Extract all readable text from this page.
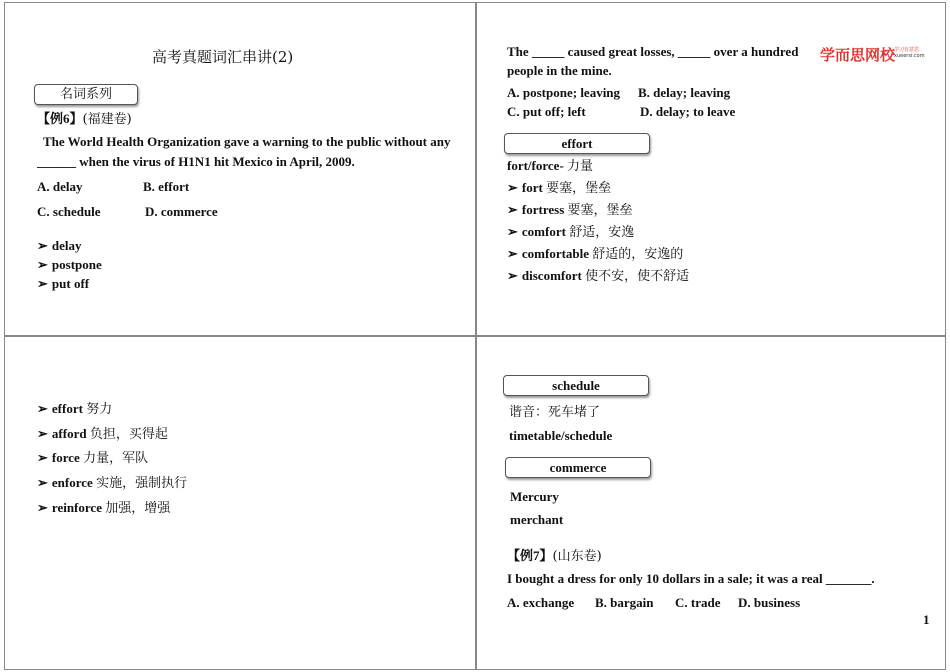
高考真题词汇串讲(2)
名词系列
【例6】(福建卷)
The World Health Organization gave a warning to the public without any
______ when the virus of H1N1 hit Mexico in April, 2009.
A. delay	B. effort
C. schedule	D. commerce
➢ delay
➢ postpone
➢ put off
The _____ caused great losses, _____ over a hundred
people in the mine.
A. postpone; leaving B. delay; leaving
C. put off; left	D. delay; to leave
effort
fort/force- 力量
➢ fort 要塞，堡垒
➢ fortress 要塞，堡垒
➢ comfort 舒适，安逸
➢ comfortable 舒适的，安逸的
➢ discomfort 使不安，使不舒适
学而思网校
学习有意思
xueersi.com
➢ effort 努力
➢ afford 负担，买得起
➢ force 力量，军队
➢ enforce 实施，强制执行
➢ reinforce 加强，增强
schedule
谐音：死车堵了
timetable/schedule
commerce
Mercury
merchant
【例7】(山东卷)
I bought a dress for only 10 dollars in a sale; it was a real _______.
A. exchange B. bargain C. trade D. business
1
